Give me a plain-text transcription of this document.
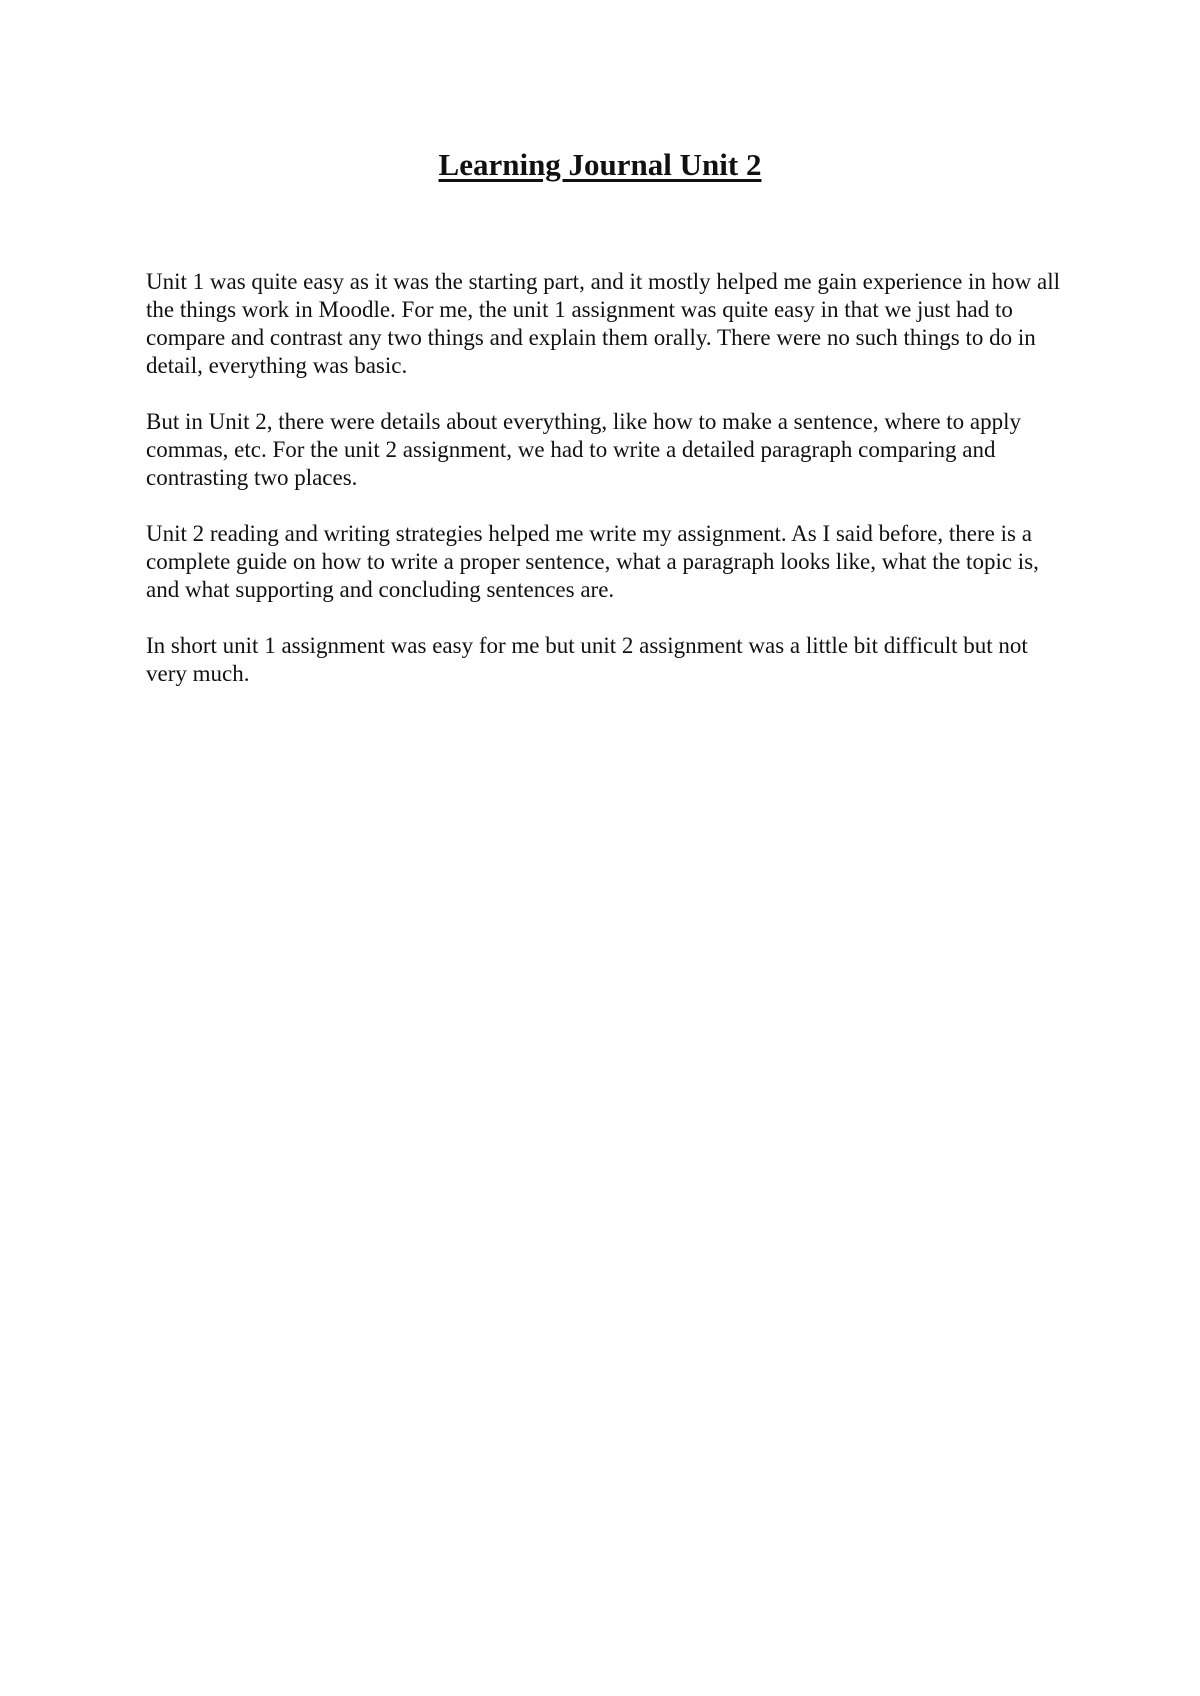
Learning Journal Unit 2

Unit 1 was quite easy as it was the starting part, and it mostly helped me gain experience in how all the things work in Moodle. For me, the unit 1 assignment was quite easy in that we just had to compare and contrast any two things and explain them orally. There were no such things to do in detail, everything was basic.

But in Unit 2, there were details about everything, like how to make a sentence, where to apply commas, etc. For the unit 2 assignment, we had to write a detailed paragraph comparing and contrasting two places.

Unit 2 reading and writing strategies helped me write my assignment. As I said before, there is a complete guide on how to write a proper sentence, what a paragraph looks like, what the topic is, and what supporting and concluding sentences are.

In short unit 1 assignment was easy for me but unit 2 assignment was a little bit difficult but not very much.
